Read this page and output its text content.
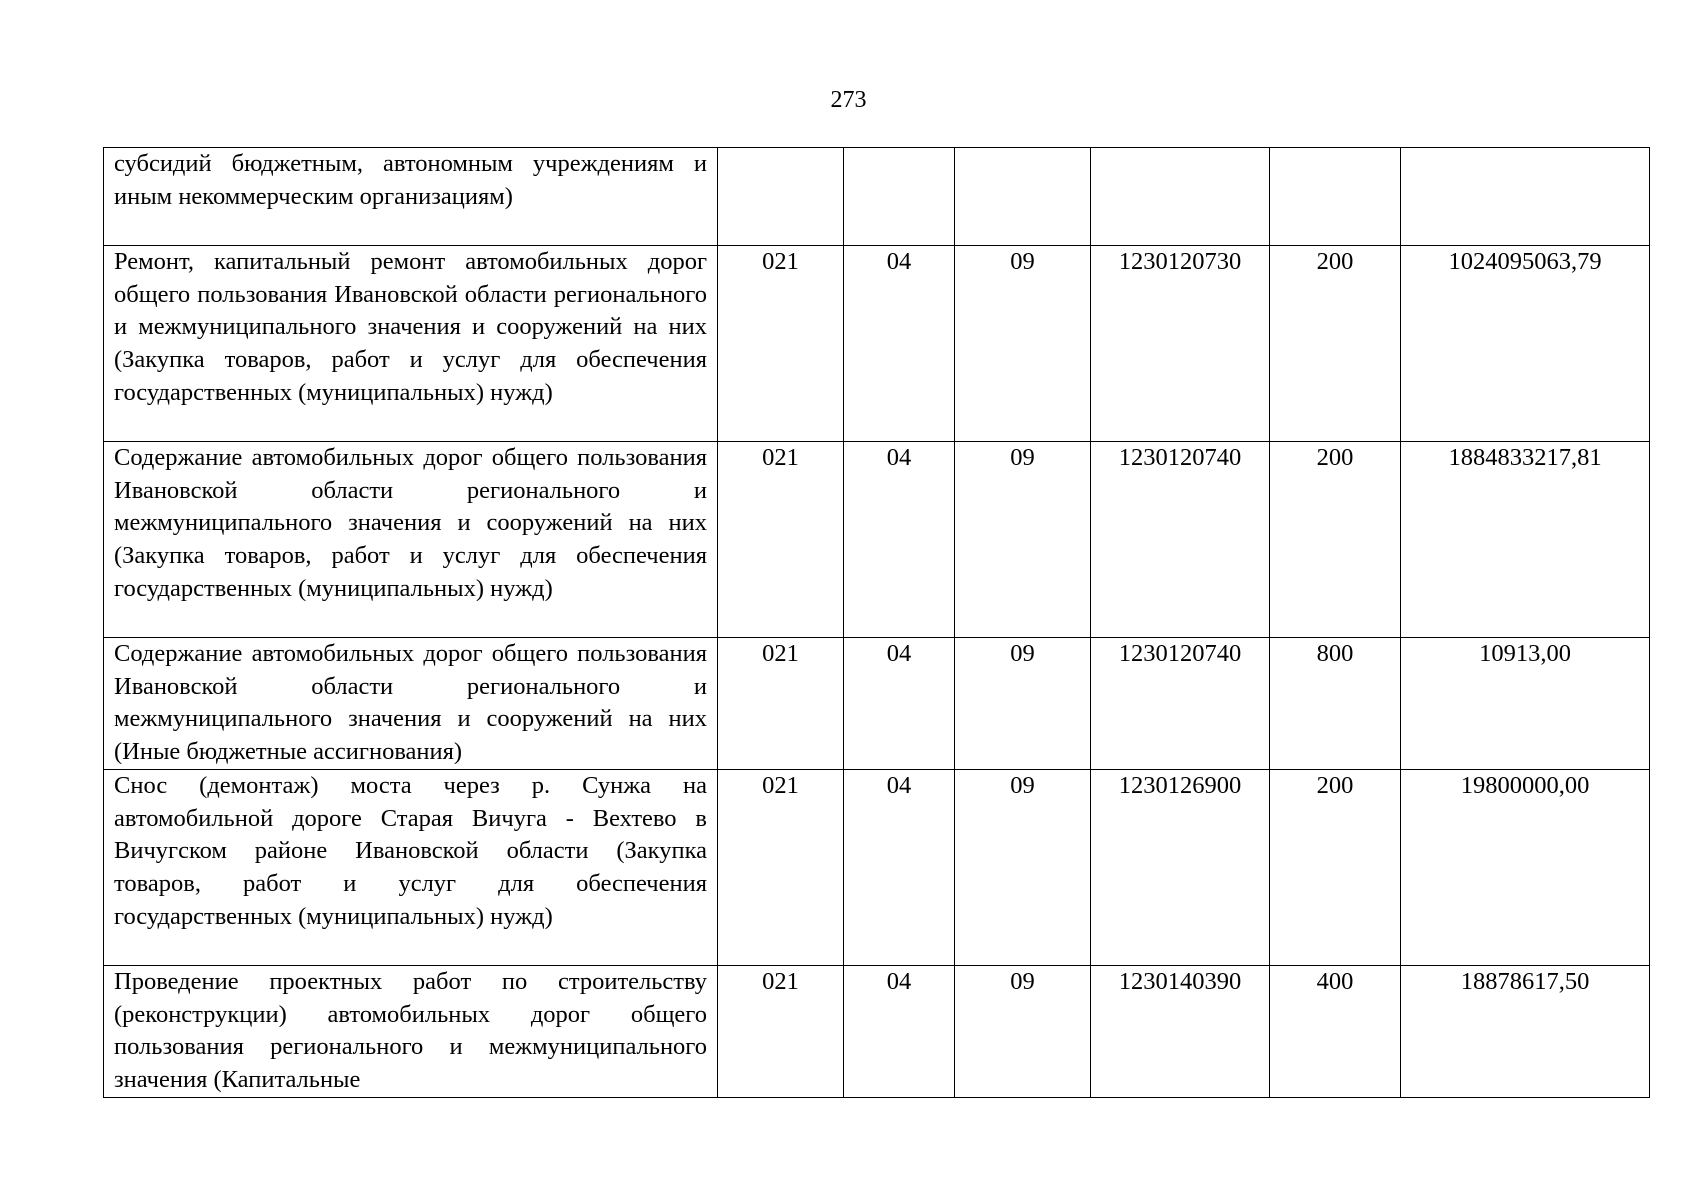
273
субсидий бюджетным, автономным учреждениям и иным некоммерческим организациям)						
Ремонт, капитальный ремонт автомобильных дорог общего пользования Ивановской области регионального и межмуниципального значения и сооружений на них (Закупка товаров, работ и услуг для обеспечения государственных (муниципальных) нужд)	021	04	09	1230120730	200	1024095063,79
Содержание автомобильных дорог общего пользования Ивановской области регионального и межмуниципального значения и сооружений на них (Закупка товаров, работ и услуг для обеспечения государственных (муниципальных) нужд)	021	04	09	1230120740	200	1884833217,81
Содержание автомобильных дорог общего пользования Ивановской области регионального и межмуниципального значения и сооружений на них (Иные бюджетные ассигнования)	021	04	09	1230120740	800	10913,00
Снос (демонтаж) моста через р. Сунжа на автомобильной дороге Старая Вичуга - Вехтево в Вичугском районе Ивановской области (Закупка товаров, работ и услуг для обеспечения государственных (муниципальных) нужд)	021	04	09	1230126900	200	19800000,00
Проведение проектных работ по строительству (реконструкции) автомобильных дорог общего пользования регионального и межмуниципального значения (Капитальные	021	04	09	1230140390	400	18878617,50
